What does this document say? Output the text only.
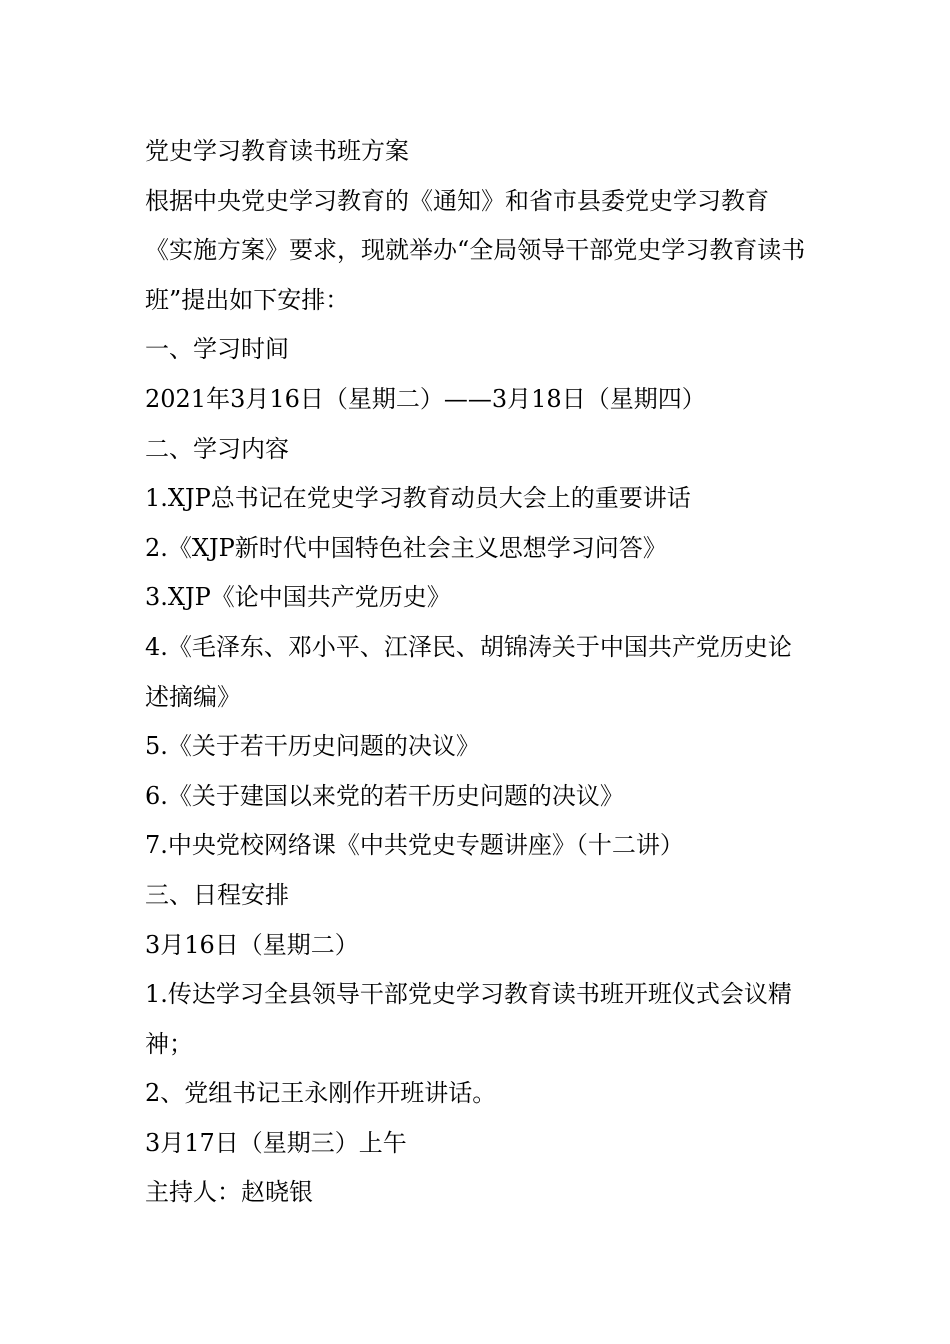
党史学习教育读书班方案

根据中央党史学习教育的《通知》和省市县委党史学习教育《实施方案》要求，现就举办“全局领导干部党史学习教育读书班”提出如下安排：

一、学习时间

2021年3月16日（星期二）——3月18日（星期四）

二、学习内容

1.XJP总书记在党史学习教育动员大会上的重要讲话

2.《XJP新时代中国特色社会主义思想学习问答》

3.XJP《论中国共产党历史》

4.《毛泽东、邓小平、江泽民、胡锦涛关于中国共产党历史论述摘编》

5.《关于若干历史问题的决议》

6.《关于建国以来党的若干历史问题的决议》

7.中央党校网络课《中共党史专题讲座》（十二讲）

三、日程安排

3月16日（星期二）

1.传达学习全县领导干部党史学习教育读书班开班仪式会议精神；

2、党组书记王永刚作开班讲话。

3月17日（星期三）上午

主持人：赵晓银
